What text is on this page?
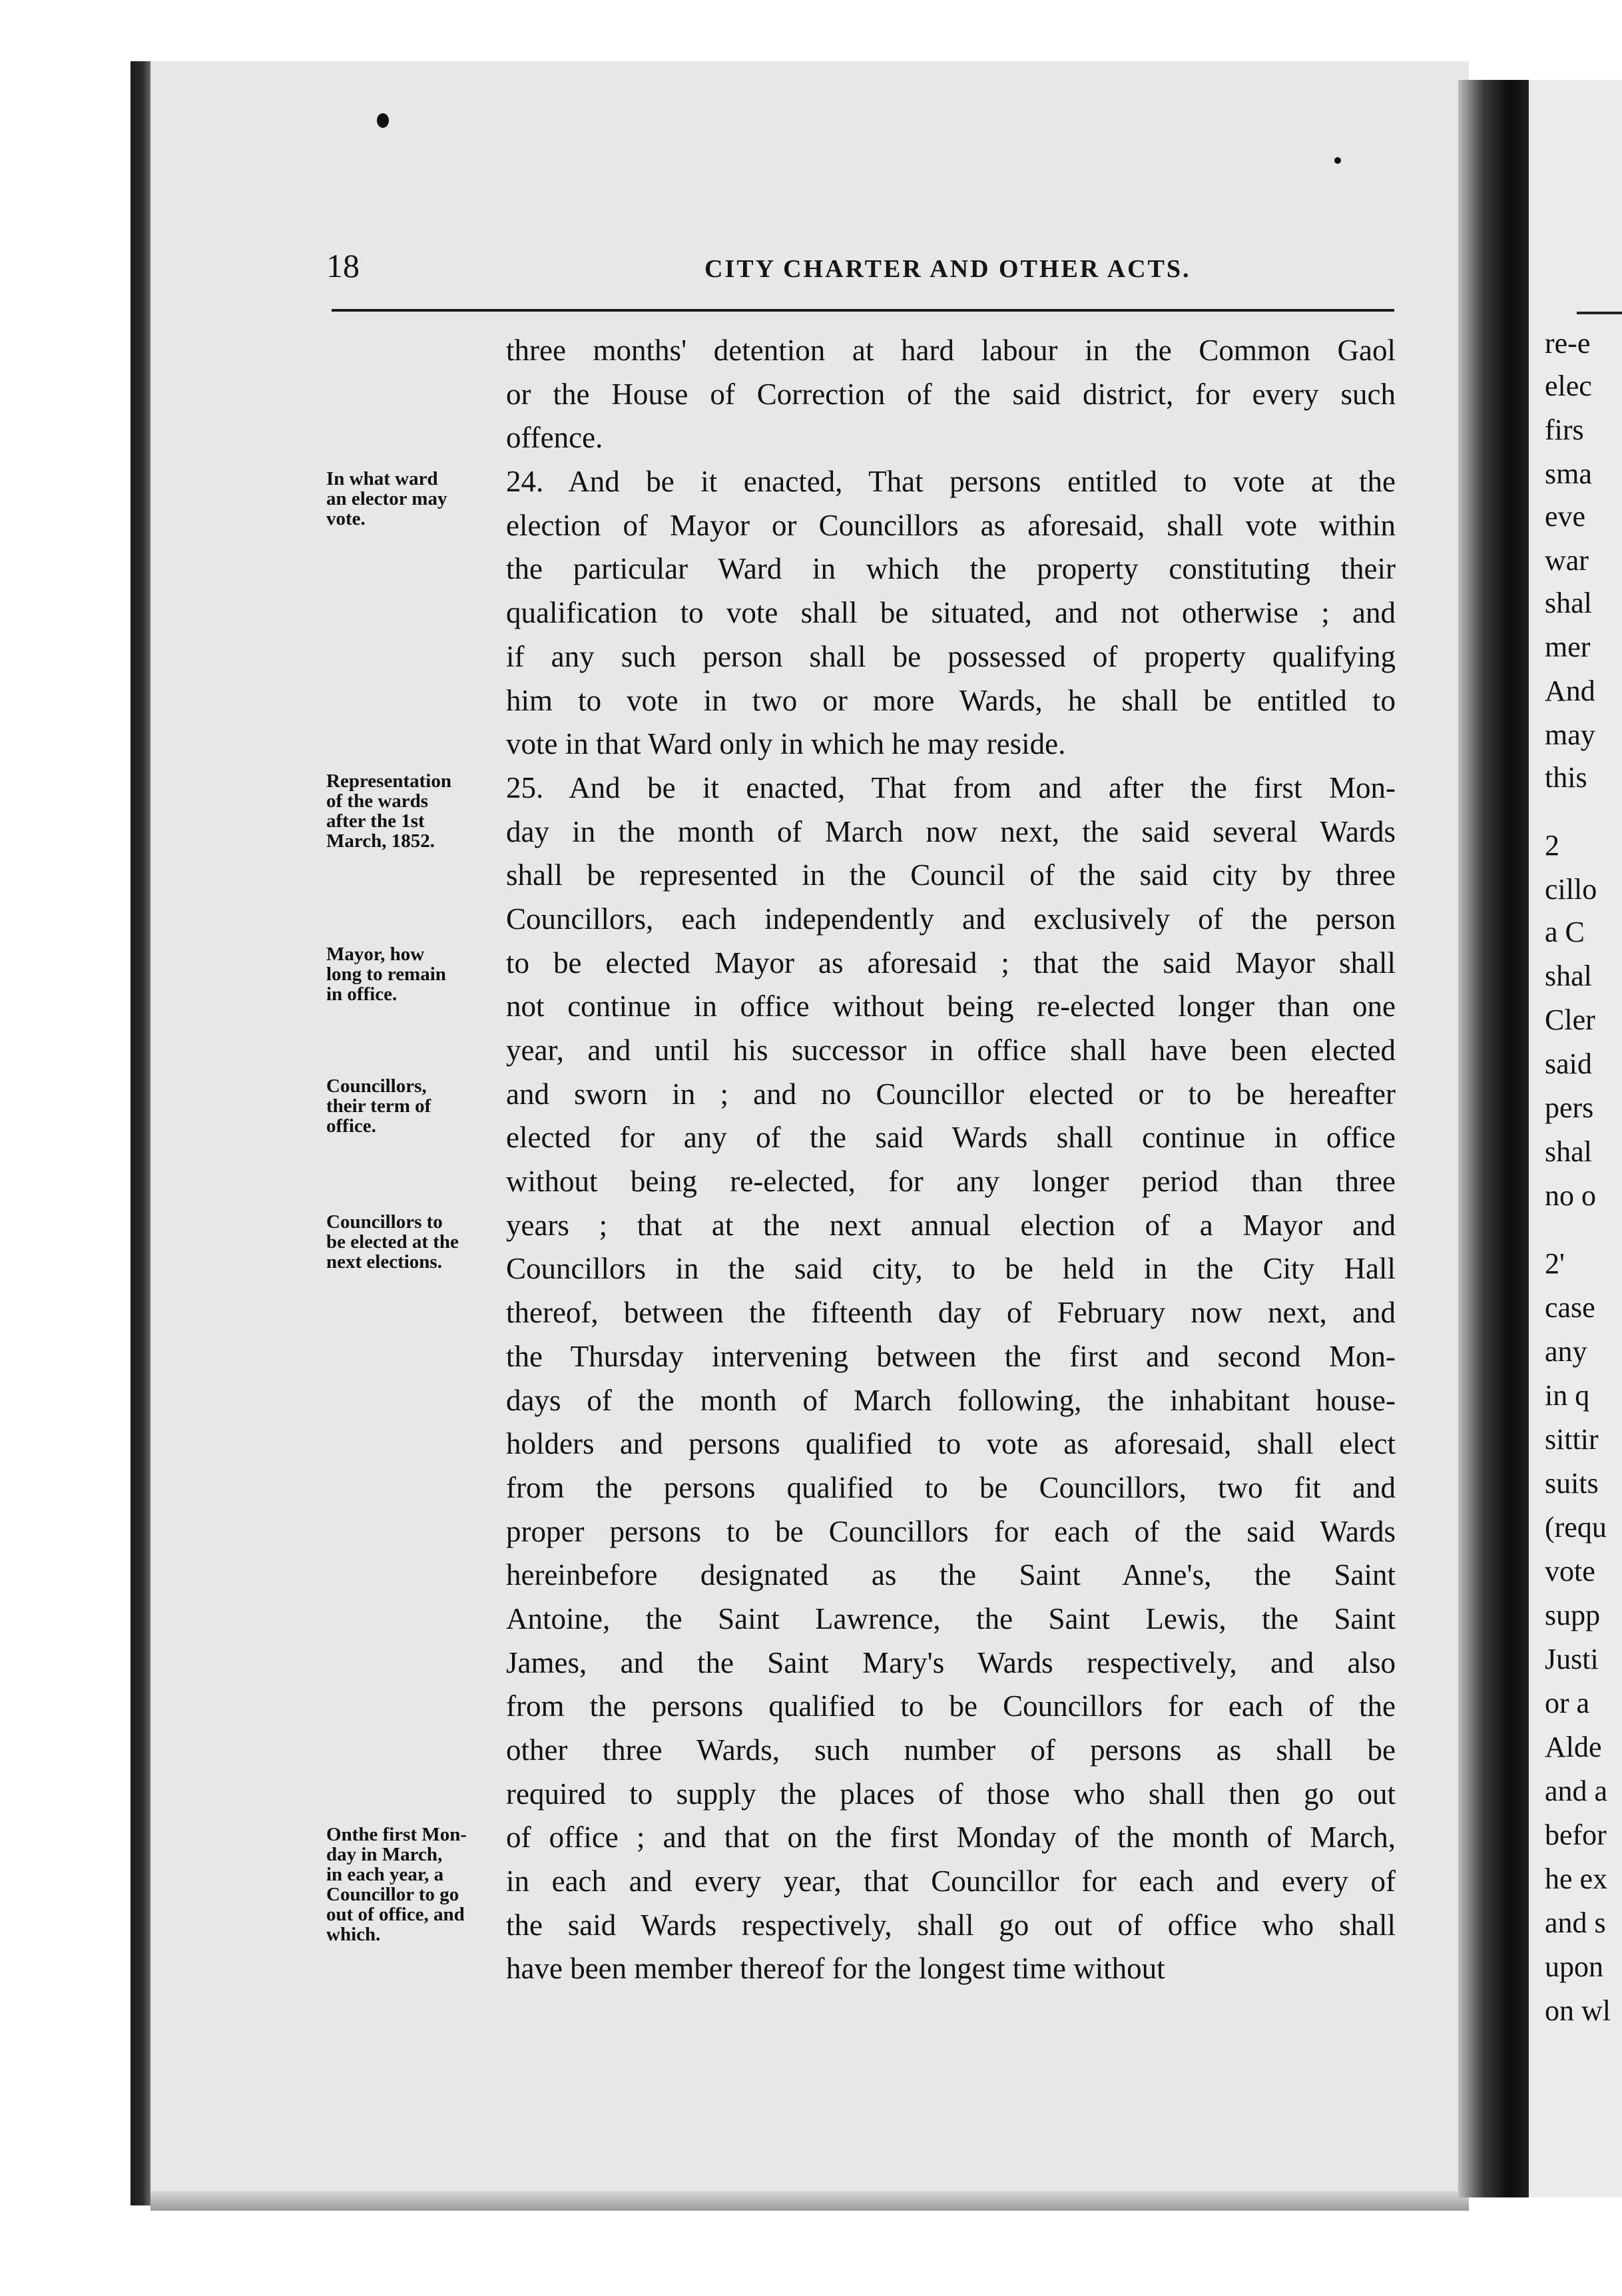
re-e
elec
firs
sma
eve
war
shal
mer
And
may
this
2
cillo
a C
shal
Cler
said
pers
shal
no o
2'
case
any
in q
sittir
suits
(requ
vote
supp
Justi
or a
Alde
and a
befor
he ex
and s
upon
on wl
18	CITY CHARTER AND OTHER ACTS.
In what ward
an elector may
vote.
Representation
of the wards
after the 1st
March, 1852.
Mayor, how
long to remain
in office.
Councillors,
their term of
office.
Councillors to
be elected at the
next elections.
Onthe first Mon-
day in March,
in each year, a
Councillor to go
out of office, and
which.
three months' detention at hard labour in the Common Gaol
or the House of Correction of the said district, for every such
offence.
24. And be it enacted, That persons entitled to vote at the
election of Mayor or Councillors as aforesaid, shall vote within
the particular Ward in which the property constituting their
qualification to vote shall be situated, and not otherwise ; and
if any such person shall be possessed of property qualifying
him to vote in two or more Wards, he shall be entitled to
vote in that Ward only in which he may reside.
25. And be it enacted, That from and after the first Mon-
day in the month of March now next, the said several Wards
shall be represented in the Council of the said city by three
Councillors, each independently and exclusively of the person
to be elected Mayor as aforesaid ; that the said Mayor shall
not continue in office without being re-elected longer than one
year, and until his successor in office shall have been elected
and sworn in ; and no Councillor elected or to be hereafter
elected for any of the said Wards shall continue in office
without being re-elected, for any longer period than three
years ; that at the next annual election of a Mayor and
Councillors in the said city, to be held in the City Hall
thereof, between the fifteenth day of February now next, and
the Thursday intervening between the first and second Mon-
days of the month of March following, the inhabitant house-
holders and persons qualified to vote as aforesaid, shall elect
from the persons qualified to be Councillors, two fit and
proper persons to be Councillors for each of the said Wards
hereinbefore designated as the Saint Anne's, the Saint
Antoine, the Saint Lawrence, the Saint Lewis, the Saint
James, and the Saint Mary's Wards respectively, and also
from the persons qualified to be Councillors for each of the
other three Wards, such number of persons as shall be
required to supply the places of those who shall then go out
of office ; and that on the first Monday of the month of March,
in each and every year, that Councillor for each and every of
the said Wards respectively, shall go out of office who shall
have been member thereof for the longest time without
